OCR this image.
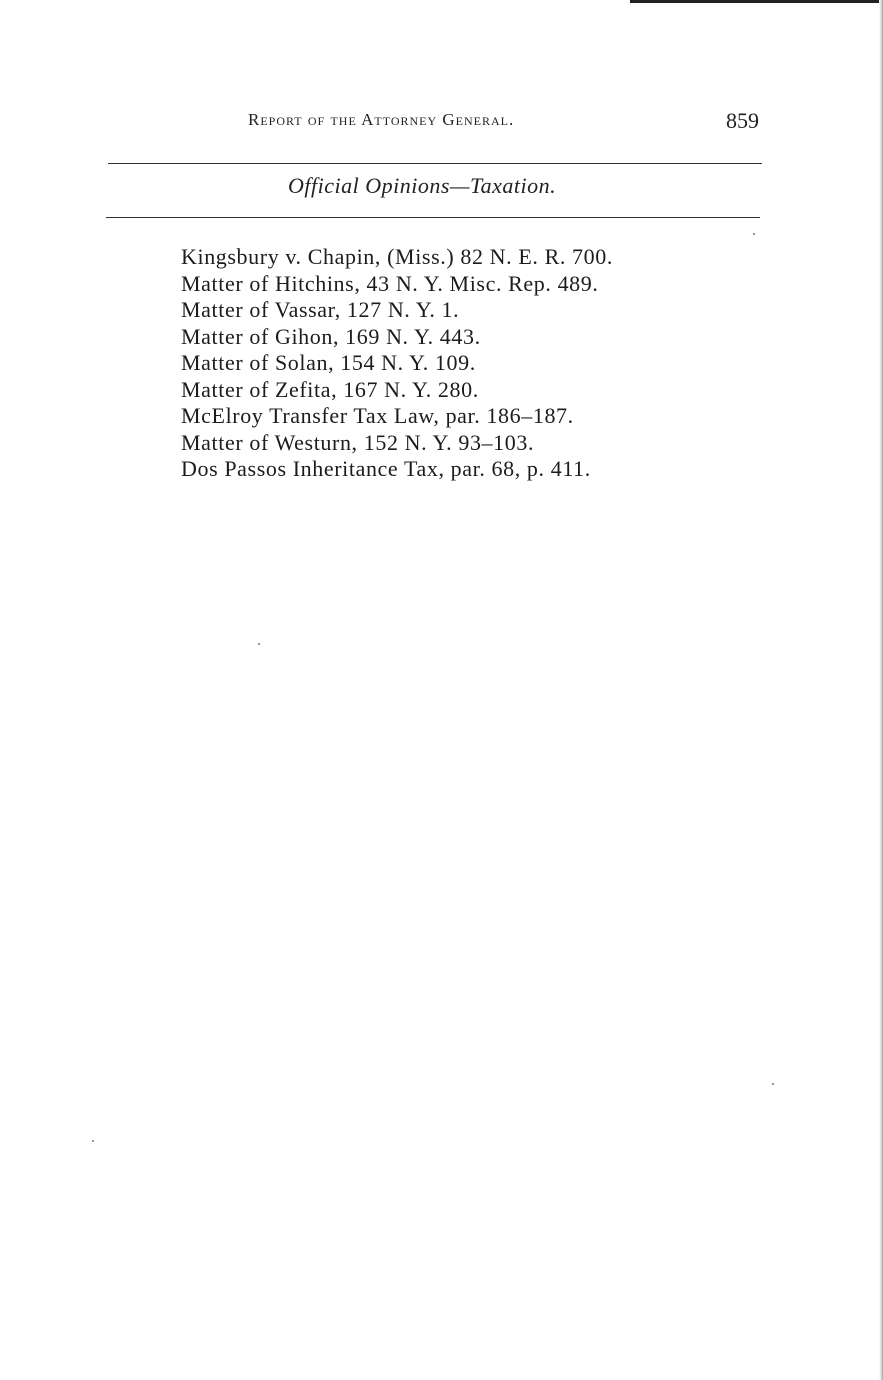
Report of the Attorney General.	859
Official Opinions—Taxation.
Kingsbury v. Chapin, (Miss.) 82 N. E. R. 700.
Matter of Hitchins, 43 N. Y. Misc. Rep. 489.
Matter of Vassar, 127 N. Y. 1.
Matter of Gihon, 169 N. Y. 443.
Matter of Solan, 154 N. Y. 109.
Matter of Zefita, 167 N. Y. 280.
McElroy Transfer Tax Law, par. 186–187.
Matter of Westurn, 152 N. Y. 93–103.
Dos Passos Inheritance Tax, par. 68, p. 411.
